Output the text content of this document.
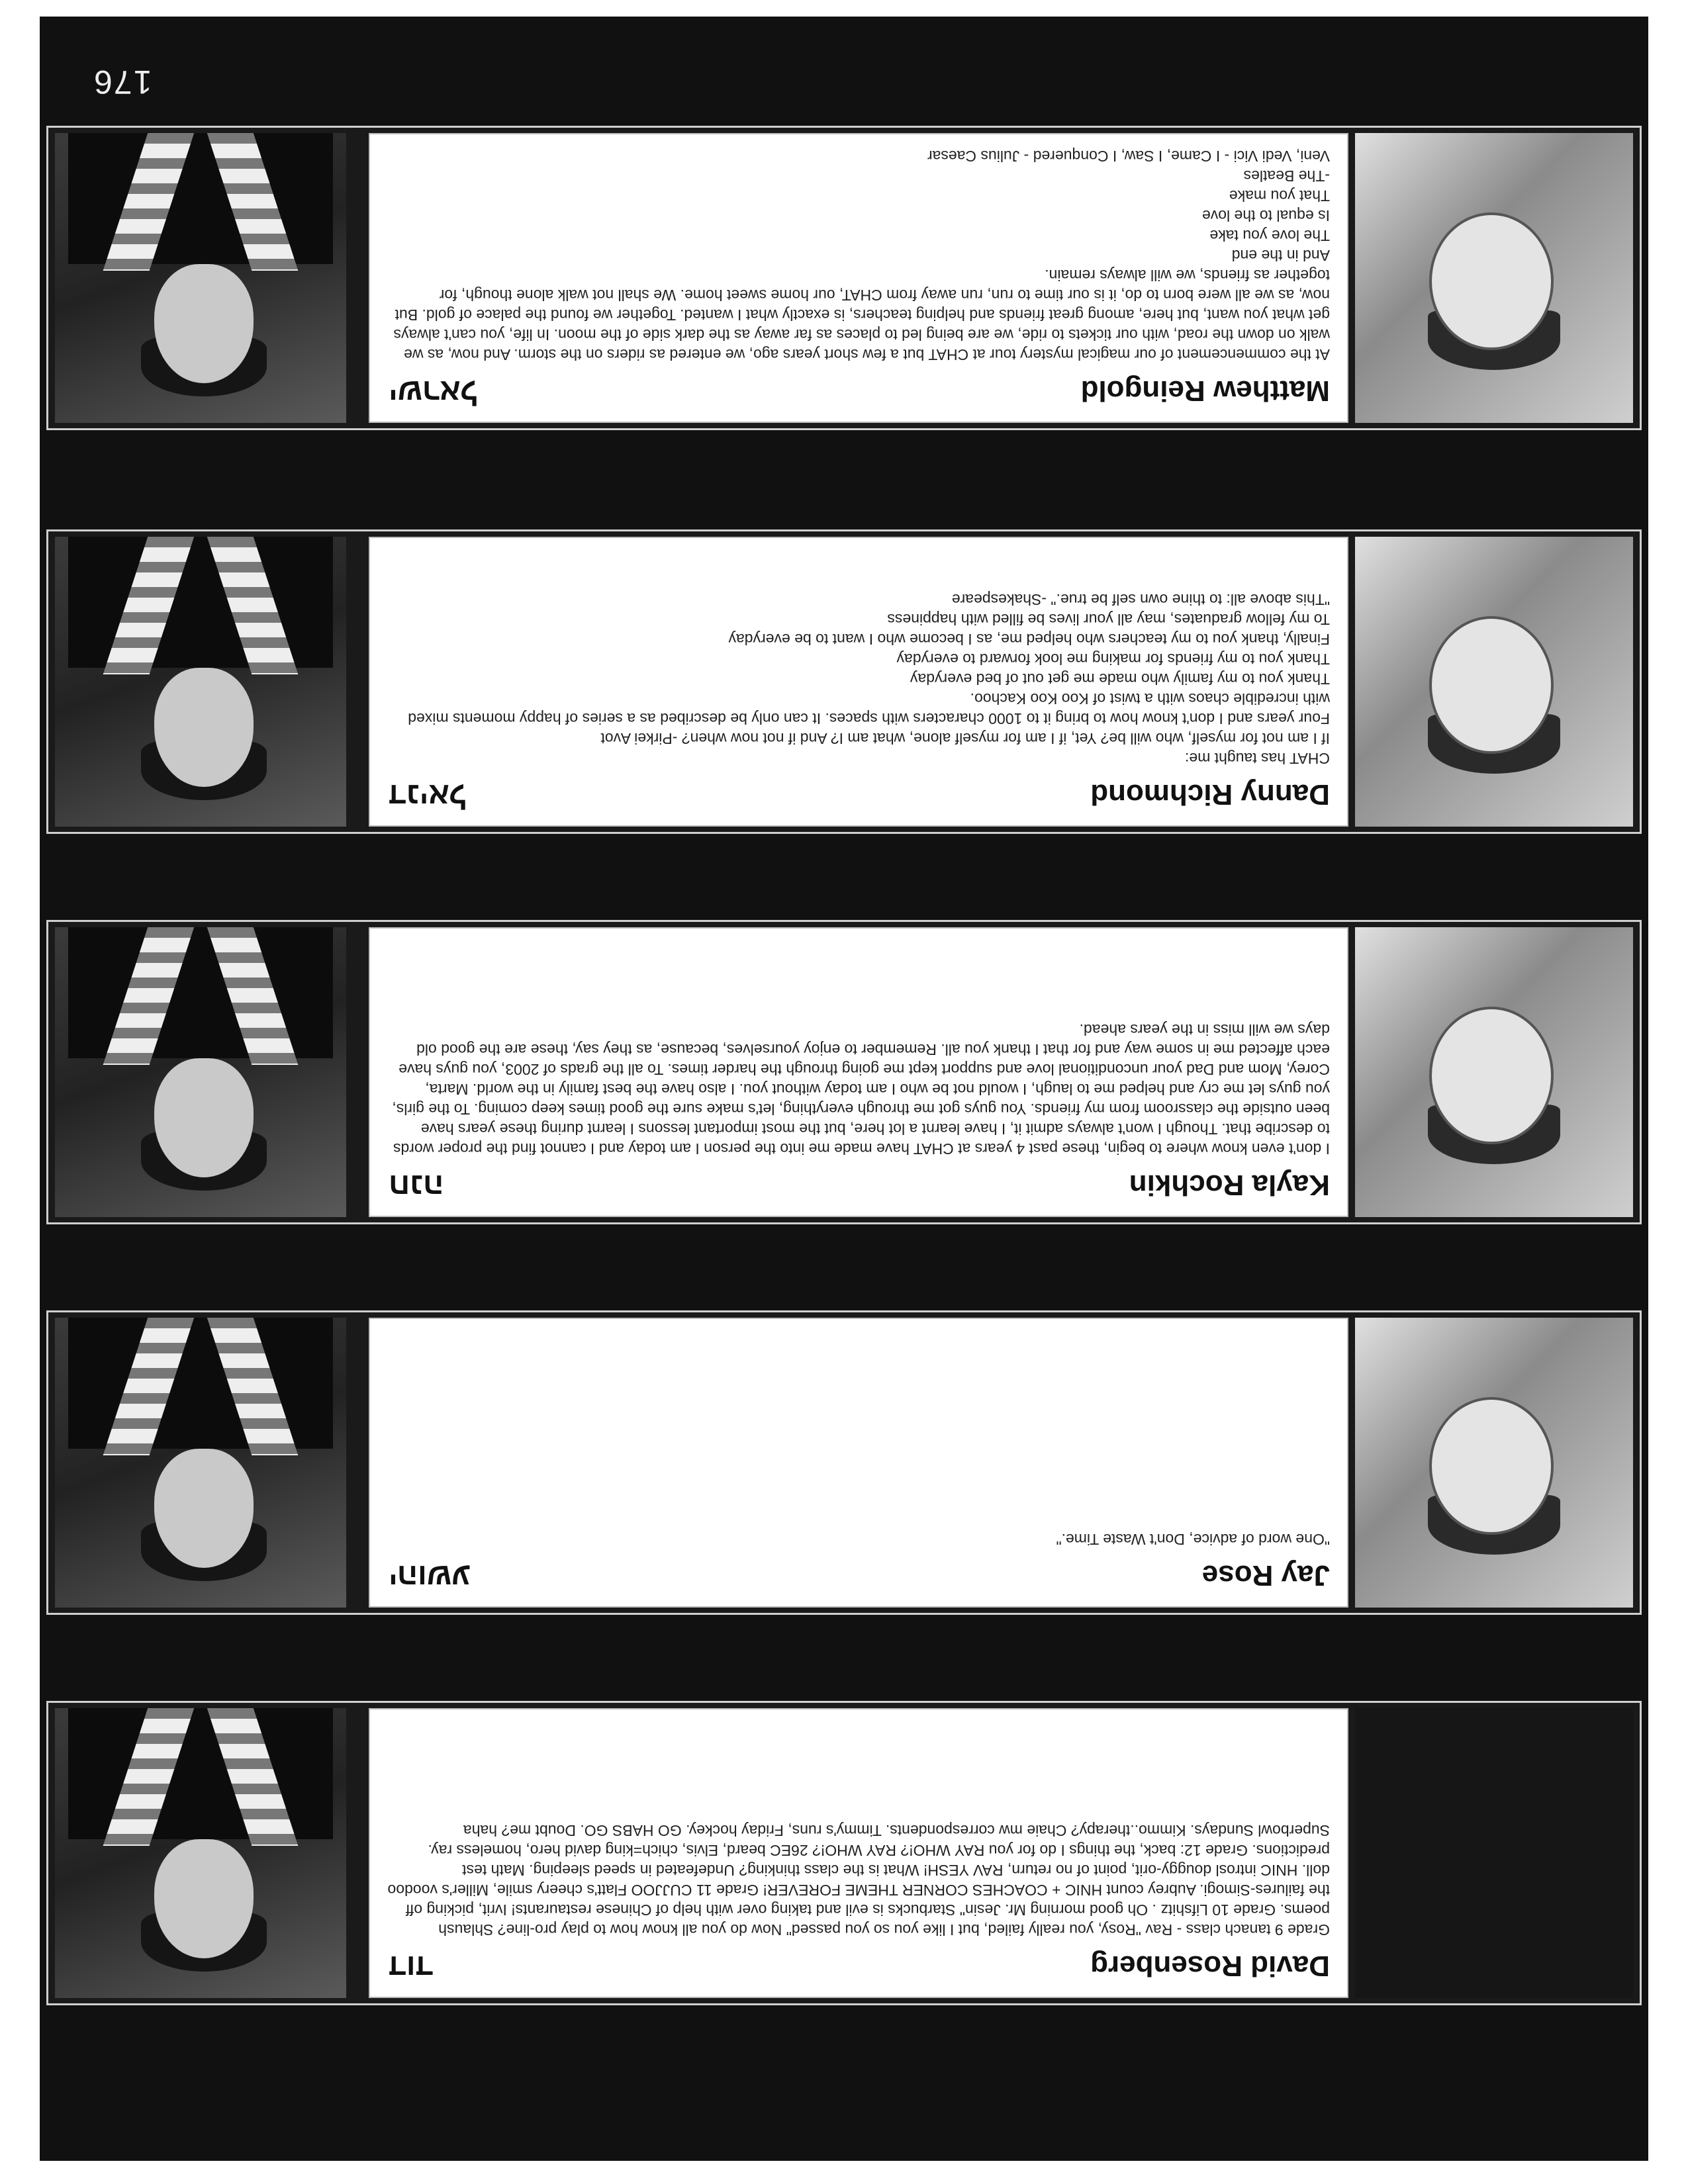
176
Matthew Reingold
ישראל
At the commencement of our magical mystery tour at CHAT but a few short years ago, we entered as riders on the storm. And now, as we walk on down the road, with our tickets to ride, we are being led to places as far away as the dark side of the moon. In life, you can't always get what you want, but here, among great friends and helping teachers, is exactly what I wanted. Together we found the palace of gold. But now, as we all were born to do, it is our time to run, run away from CHAT, our home sweet home. We shall not walk alone though, for together as friends, we will always remain.
And in the end
The love you take
Is equal to the love
That you make
-The Beatles
Veni, Vedi Vici - I Came, I Saw, I Conquered - Julius Caesar
Danny Richmond
דניאל
CHAT has taught me:
If I am not for myself, who will be? Yet, if I am for myself alone, what am I? And if not now when? -Pirkei Avot
Four years and I don't know how to bring it to 1000 characters with spaces. It can only be described as a series of happy moments mixed with incredible chaos with a twist of Koo Koo Kachoo.
Thank you to my family who made me get out of bed everyday
Thank you to my friends for making me look forward to everyday
Finally, thank you to my teachers who helped me, as I become who I want to be everyday
To my fellow graduates, may all your lives be filled with happiness
"This above all: to thine own self be true." -Shakespeare
Kayla Rochkin
חנה
I don't even know where to begin, these past 4 years at CHAT have made me into the person I am today and I cannot find the proper words to describe that. Though I won't always admit it, I have learnt a lot here, but the most important lessons I learnt during these years have been outside the classroom from my friends. You guys got me through everything, let's make sure the good times keep coming. To the girls, you guys let me cry and helped me to laugh, I would not be who I am today without you. I also have the best family in the world. Marta, Corey, Mom and Dad your unconditional love and support kept me going through the harder times. To all the grads of 2003, you guys have each affected me in some way and for that I thank you all. Remember to enjoy yourselves, because, as they say, these are the good old days we will miss in the years ahead.
Jay Rose
יהושע
"One word of advice, Don't Waste Time."
David Rosenberg
דוד
Grade 9 tanach class - Rav "Rosy, you really failed, but I like you so you passed" Now do you all know how to play pro-line? Shlaush poems. Grade 10 Lifshitz . Oh good morning Mr. Jesin" Starbucks is evil and taking over with help of Chinese restaurants! Ivrit, picking off the failures-Simogi. Aubrey count HNIC + COACHES CORNER THEME FOREVER! Grade 11 CUJJOO Flatt's cheery smile, Miller's voodoo doll. HNIC introsl douggy-orit, point of no return, RAV YESH! What is the class thinking? Undefeated in speed sleeping. Math test predictions. Grade 12: back, the things I do for you RAY WHO!? RAY WHO!? 26EC beard, Elvis, chich=king david hero, homeless ray. Superbowl Sundays. Kimmo..therapy? Chaie mw correspondents. Timmy's runs, Friday hockey. GO HABS GO. Doubt me? haha
